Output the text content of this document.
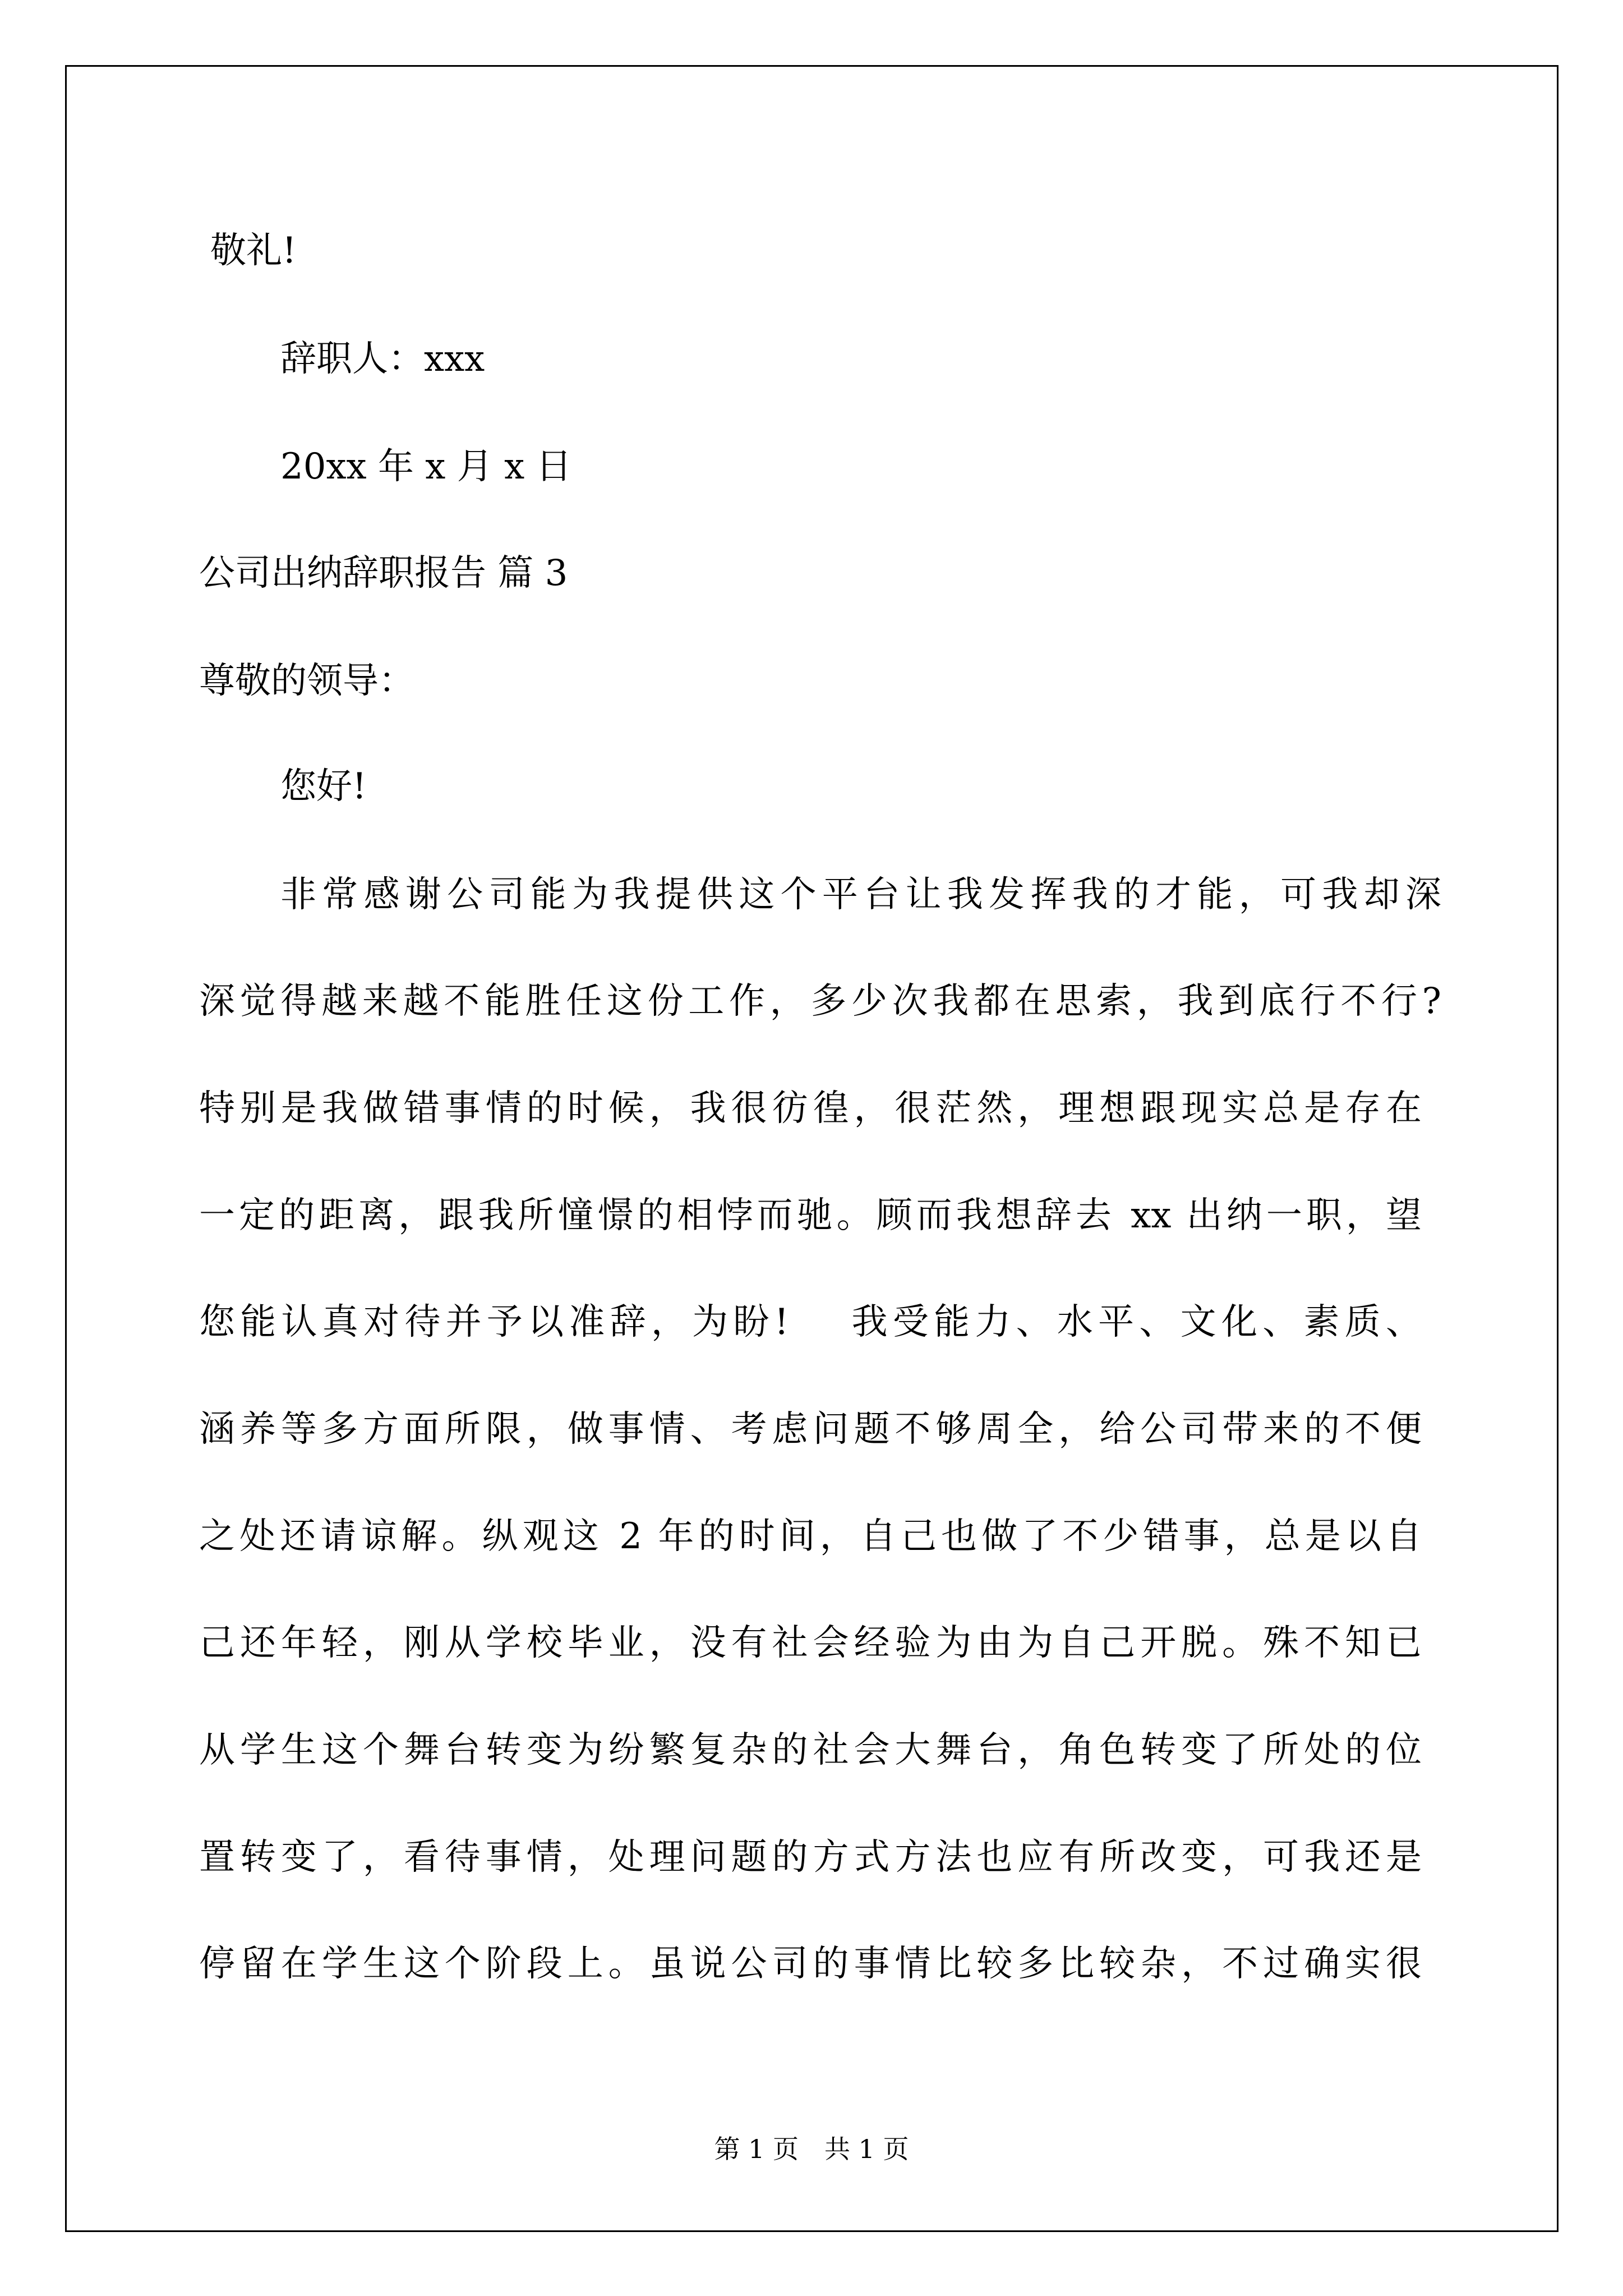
敬礼!
辞职人：xxx
20xx 年 x 月 x 日
公司出纳辞职报告 篇 3
尊敬的领导：
您好!
非常感谢公司能为我提供这个平台让我发挥我的才能，可我却深
深觉得越来越不能胜任这份工作，多少次我都在思索，我到底行不行?
特别是我做错事情的时候，我很彷徨，很茫然，理想跟现实总是存在
一定的距离，跟我所憧憬的相悖而驰。顾而我想辞去 xx 出纳一职，望
您能认真对待并予以准辞，为盼!　 我受能力、水平、文化、素质、
涵养等多方面所限，做事情、考虑问题不够周全，给公司带来的不便
之处还请谅解。纵观这 2 年的时间，自己也做了不少错事，总是以自
己还年轻，刚从学校毕业，没有社会经验为由为自己开脱。殊不知已
从学生这个舞台转变为纷繁复杂的社会大舞台，角色转变了所处的位
置转变了，看待事情，处理问题的方式方法也应有所改变，可我还是
停留在学生这个阶段上。虽说公司的事情比较多比较杂，不过确实很
第 1 页　共 1 页
